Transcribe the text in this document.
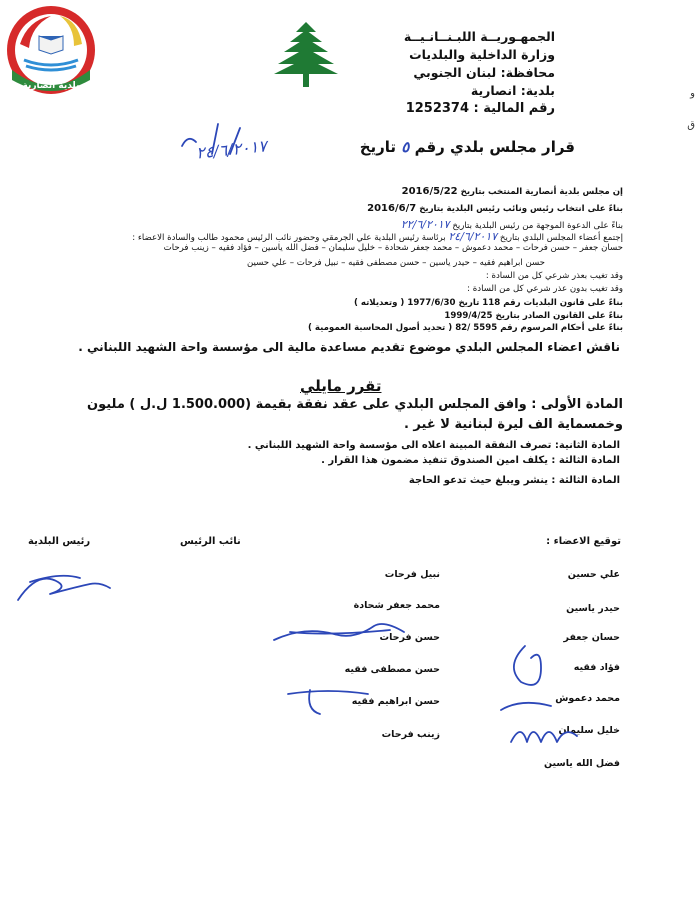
بلدية أنصارية
الجمهـوريــة اللبـنــانـيــة
وزارة الداخلية والبلديات
محافظة: لبنان الجنوبي
بلدية: انصارية
رقم المالية : 1252374
و
ق
قرار مجلس بلدي رقم ٥ تاريخ
٢٤/٦/٢٠١٧
إن مجلس بلدية أنصارية المنتخب بتاريخ 2016/5/22
بناءً على انتخاب رئيس ونائب رئيس البلدية بتاريخ 2016/6/7
بناءً على الدعوة الموجهة من رئيس البلدية بتاريخ ٢٢/٦/٢٠١٧
إجتمع أعضاء المجلس البلدي بتاريخ ٢٤/٦/٢٠١٧ برئاسة رئيس البلدية علي الجرمقي وحضور نائب الرئيس محمود طالب والسادة الاعضاء :
حسان جعفر – حسن فرحات – محمد دعموش – محمد جعفر شحادة – خليل سليمان – فضل الله ياسين – فؤاد فقيه – زينب فرحات
حسن ابراهيم فقيه – حيدر ياسين – حسن مصطفى فقيه – نبيل فرحات – علي حسين
وقد تغيب بعذر شرعي كل من السادة :
وقد تغيب بدون عذر شرعي كل من السادة :
بناءً على قانون البلديات رقم 118 تاريخ 1977/6/30 ( وتعديلاته )
بناءً على القانون الصادر بتاريخ 1999/4/25
بناءً على أحكام المرسوم رقم 5595 /82 ( تحديد أصول المحاسبة العمومية )
ناقش اعضاء المجلس البلدي موضوع تقديم مساعدة مالية الى مؤسسة واحة الشهيد اللبناني .
تقرر مايلي
المادة الأولى : وافق المجلس البلدي على عقد نفقة بقيمة (1.500.000 ل.ل ) مليون وخمسماية الف ليرة لبنانية لا غير .
المادة الثانية: تصرف النفقة المبينة اعلاه الى مؤسسة واحة الشهيد اللبناني .
المادة الثالثة : يكلف امين الصندوق تنفيذ مضمون هذا القرار .
المادة الثالثة : ينشر ويبلغ حيث تدعو الحاجة
رئيس البلدية	نائب الرئيس	توقيع الاعضاء :
علي حسين
حيدر ياسين
حسان جعفر
فؤاد فقيه
محمد دعموش
خليل سليمان
فضل الله ياسين
نبيل فرحات
محمد جعفر شحادة
حسن فرحات
حسن مصطفى فقيه
حسن ابراهيم فقيه
زينب فرحات
